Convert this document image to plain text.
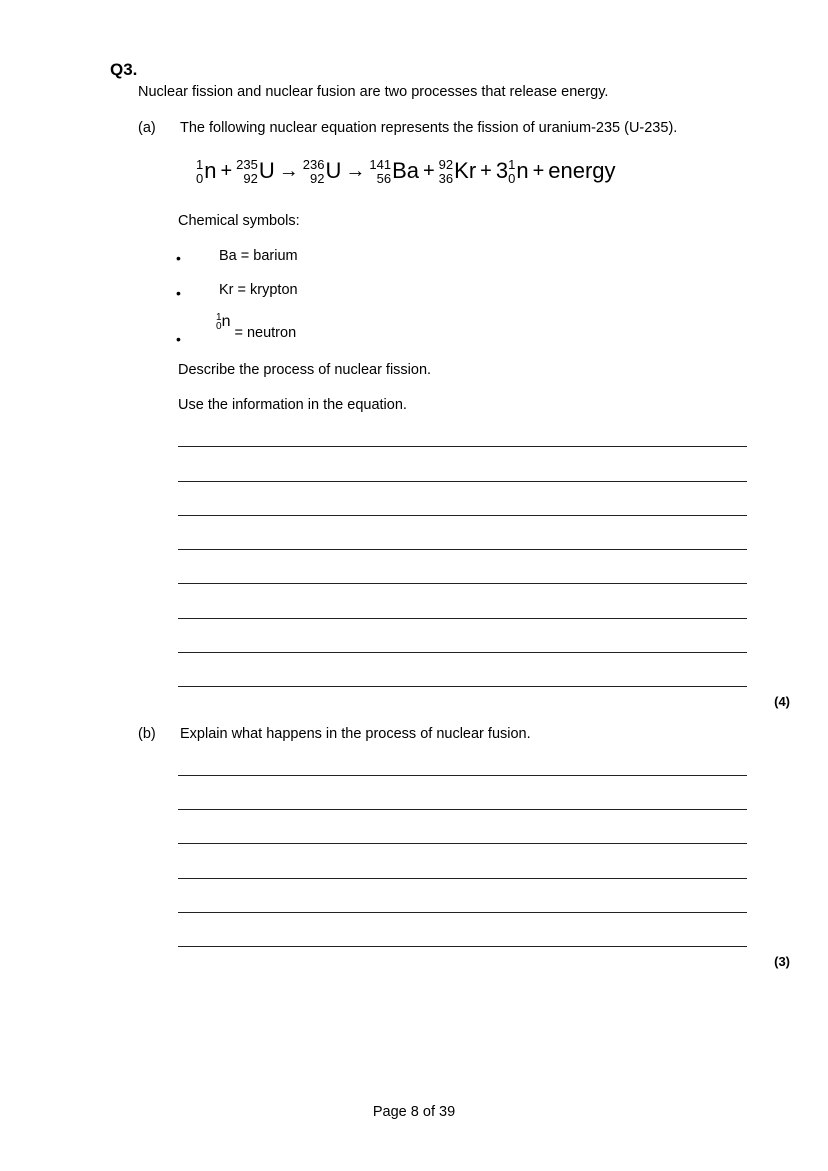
Q3.
Nuclear fission and nuclear fusion are two processes that release energy.
(a) The following nuclear equation represents the fission of uranium-235 (U-235).
1
0 n + 235
92 U → 236
92 U → 141
56 Ba + 92
36 Kr + 3 1
0 n + energy
Chemical symbols:
•	Ba = barium
•	Kr = krypton
•
1
0 n
= neutron
Describe the process of nuclear fission.
Use the information in the equation.
(4)
(b) Explain what happens in the process of nuclear fusion.
(3)
Page 8 of 39
